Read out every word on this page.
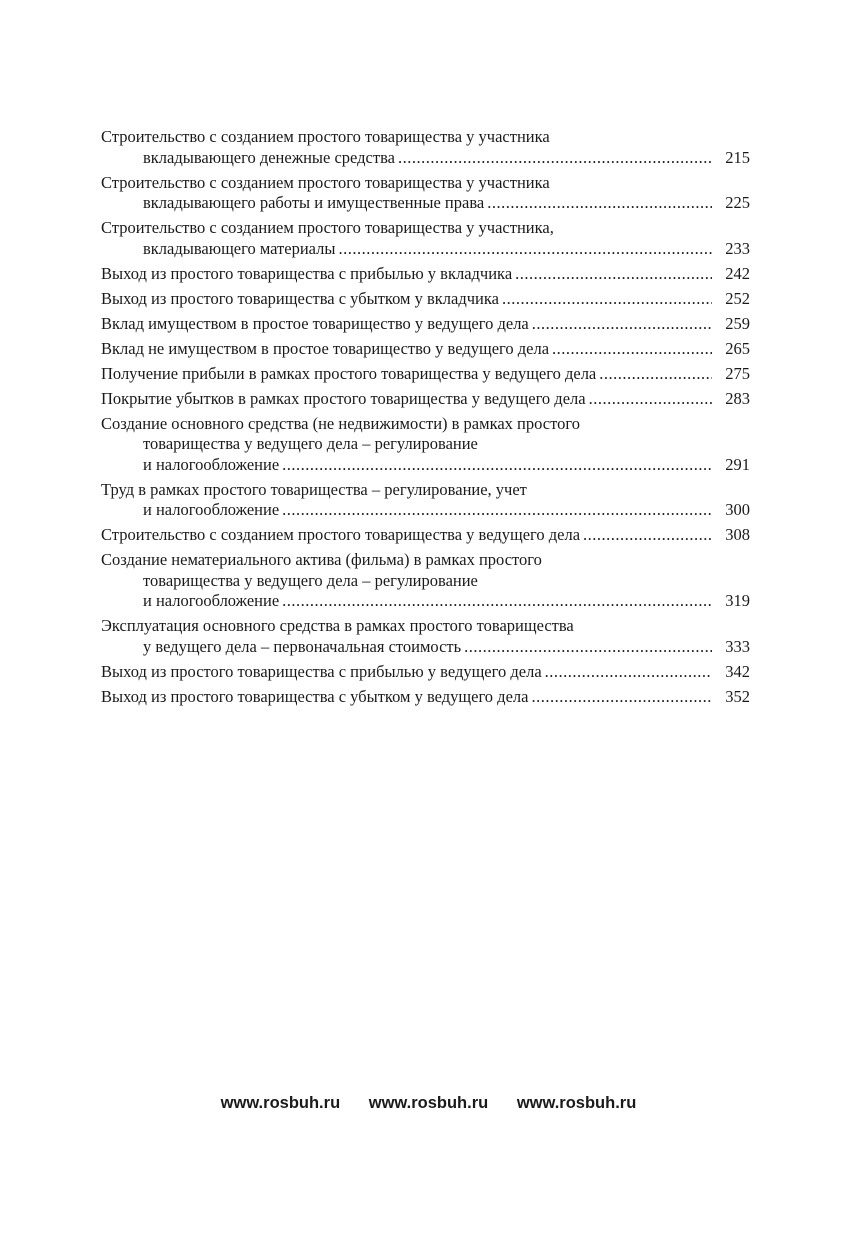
Строительство с созданием простого товарищества у участника
вкладывающего денежные средства .....	215
Строительство с созданием простого товарищества у участника
вкладывающего работы и имущественные права .....	225
Строительство с созданием простого товарищества у участника,
вкладывающего материалы .....	233
Выход из простого товарищества с прибылью у вкладчика .....	242
Выход из простого товарищества с убытком у вкладчика .....	252
Вклад имуществом в простое товарищество у ведущего дела .....	259
Вклад не имуществом в простое товарищество у ведущего дела .....	265
Получение прибыли в рамках простого товарищества у ведущего дела .....	275
Покрытие убытков в рамках простого товарищества у ведущего дела .....	283
Создание основного средства (не недвижимости) в рамках простого
товарищества у ведущего дела – регулирование
и налогообложение .....	291
Труд в рамках простого товарищества – регулирование, учет
и налогообложение .....	300
Строительство с созданием простого товарищества у ведущего дела .....	308
Создание нематериального актива (фильма) в рамках простого
товарищества у ведущего дела – регулирование
и налогообложение .....	319
Эксплуатация основного средства в рамках простого товарищества
у ведущего дела – первоначальная стоимость .....	333
Выход из простого товарищества с прибылью у ведущего дела .....	342
Выход из простого товарищества с убытком у ведущего дела .....	352
www.rosbuh.ru www.rosbuh.ru www.rosbuh.ru
